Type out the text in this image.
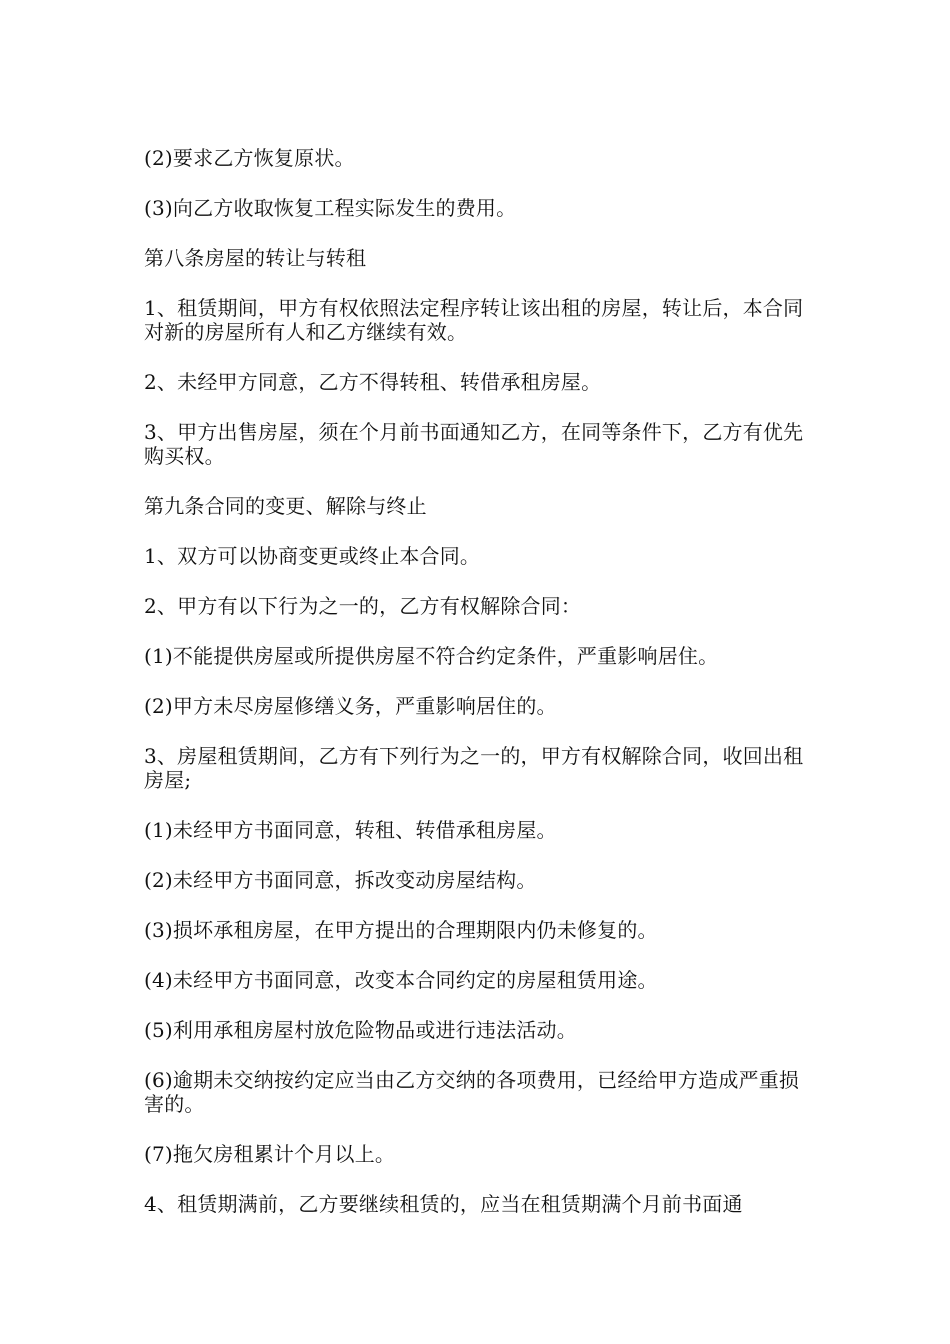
(2)要求乙方恢复原状。

(3)向乙方收取恢复工程实际发生的费用。

第八条房屋的转让与转租

1、租赁期间，甲方有权依照法定程序转让该出租的房屋，转让后，本合同对新的房屋所有人和乙方继续有效。

2、未经甲方同意，乙方不得转租、转借承租房屋。

3、甲方出售房屋，须在个月前书面通知乙方，在同等条件下，乙方有优先购买权。

第九条合同的变更、解除与终止

1、双方可以协商变更或终止本合同。

2、甲方有以下行为之一的，乙方有权解除合同：

(1)不能提供房屋或所提供房屋不符合约定条件，严重影响居住。

(2)甲方未尽房屋修缮义务，严重影响居住的。

3、房屋租赁期间，乙方有下列行为之一的，甲方有权解除合同，收回出租房屋;

(1)未经甲方书面同意，转租、转借承租房屋。

(2)未经甲方书面同意，拆改变动房屋结构。

(3)损坏承租房屋，在甲方提出的合理期限内仍未修复的。

(4)未经甲方书面同意，改变本合同约定的房屋租赁用途。

(5)利用承租房屋村放危险物品或进行违法活动。

(6)逾期未交纳按约定应当由乙方交纳的各项费用，已经给甲方造成严重损害的。

(7)拖欠房租累计个月以上。

4、租赁期满前，乙方要继续租赁的，应当在租赁期满个月前书面通
